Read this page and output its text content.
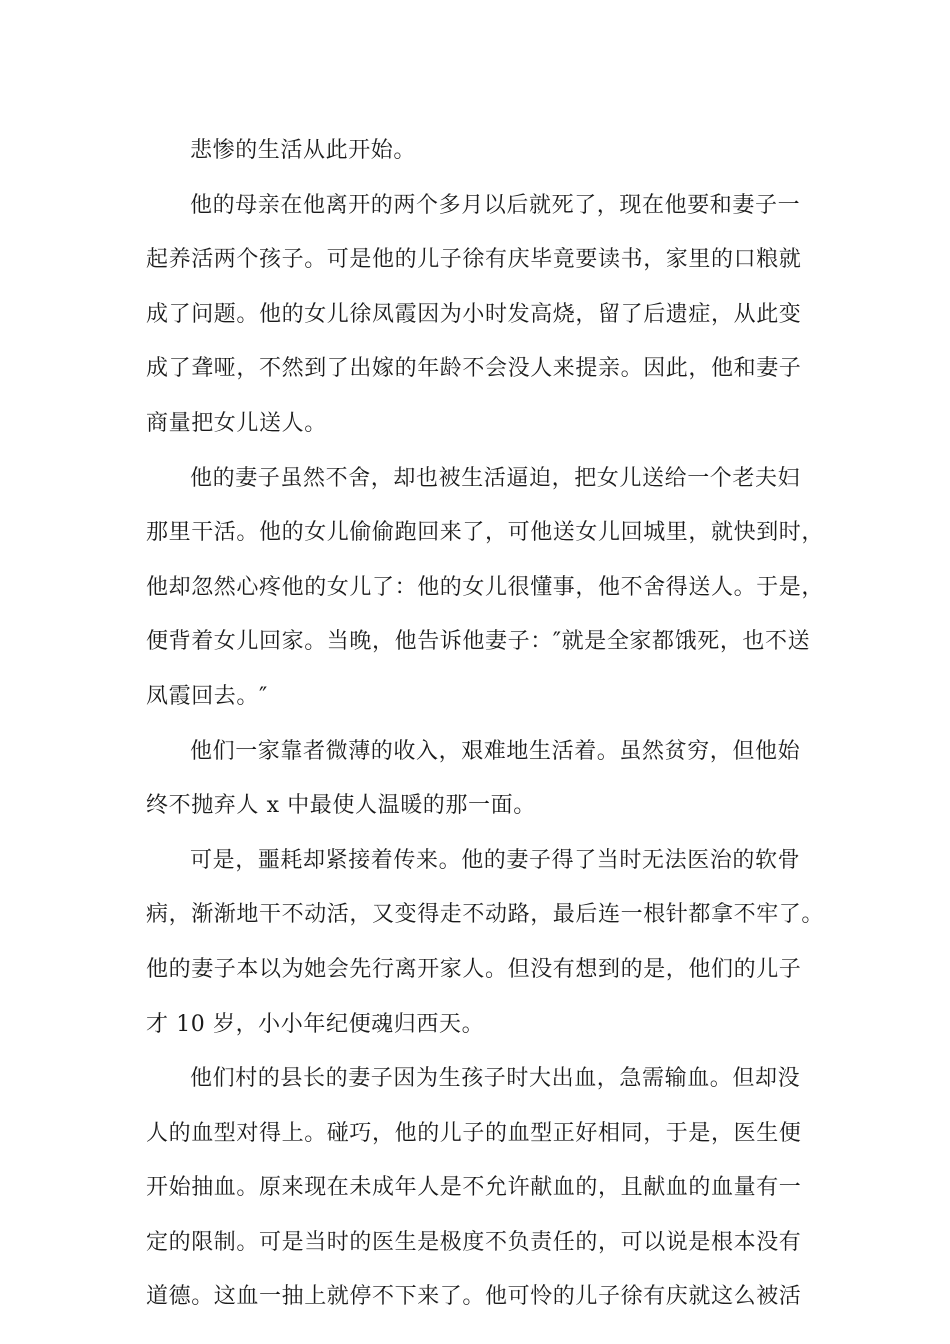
悲惨的生活从此开始。
他的母亲在他离开的两个多月以后就死了，现在他要和妻子一
起养活两个孩子。可是他的儿子徐有庆毕竟要读书，家里的口粮就
成了问题。他的女儿徐凤霞因为小时发高烧，留了后遗症，从此变
成了聋哑，不然到了出嫁的年龄不会没人来提亲。因此，他和妻子
商量把女儿送人。
他的妻子虽然不舍，却也被生活逼迫，把女儿送给一个老夫妇
那里干活。他的女儿偷偷跑回来了，可他送女儿回城里，就快到时，
他却忽然心疼他的女儿了：他的女儿很懂事，他不舍得送人。于是，
便背着女儿回家。当晚，他告诉他妻子：″就是全家都饿死，也不送
凤霞回去。″
他们一家靠者微薄的收入，艰难地生活着。虽然贫穷，但他始
终不抛弃人 x 中最使人温暖的那一面。
可是，噩耗却紧接着传来。他的妻子得了当时无法医治的软骨
病，渐渐地干不动活，又变得走不动路，最后连一根针都拿不牢了。
他的妻子本以为她会先行离开家人。但没有想到的是，他们的儿子
才 10 岁，小小年纪便魂归西天。
他们村的县长的妻子因为生孩子时大出血，急需输血。但却没
人的血型对得上。碰巧，他的儿子的血型正好相同，于是，医生便
开始抽血。原来现在未成年人是不允许献血的，且献血的血量有一
定的限制。可是当时的医生是极度不负责任的，可以说是根本没有
道德。这血一抽上就停不下来了。他可怜的儿子徐有庆就这么被活
